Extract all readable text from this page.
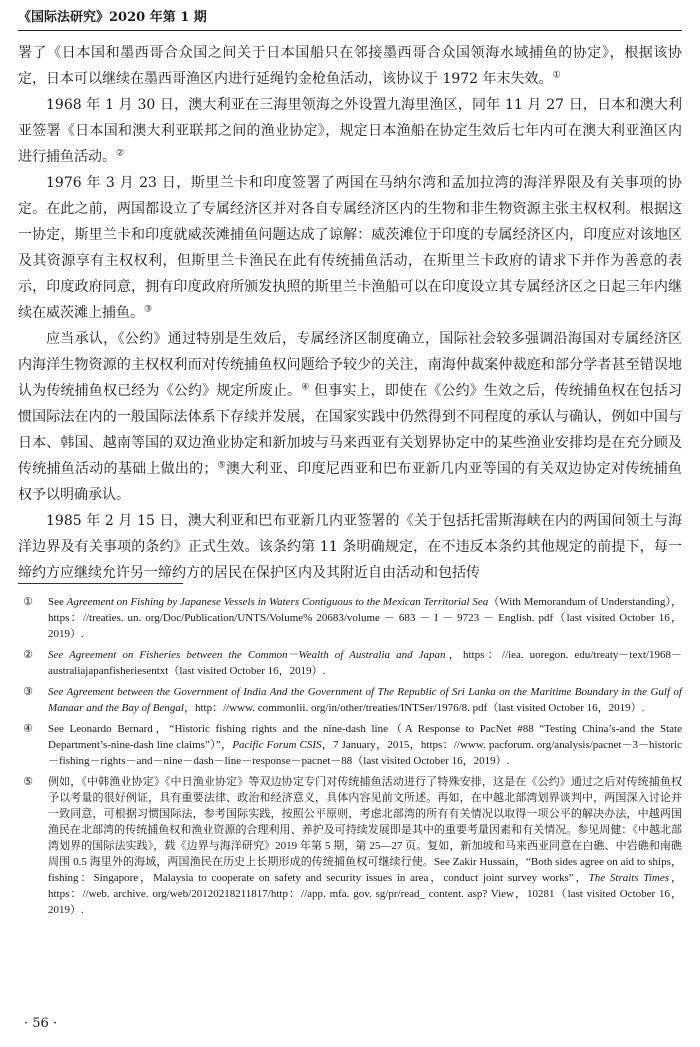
《国际法研究》2020 年第 1 期

署了《日本国和墨西哥合众国之间关于日本国船只在邻接墨西哥合众国领海水域捕鱼的协定》，根据该协定，日本可以继续在墨西哥渔区内进行延绳钓金枪鱼活动，该协议于 1972 年末失效。①

1968 年 1 月 30 日，澳大利亚在三海里领海之外设置九海里渔区，同年 11 月 27 日，日本和澳大利亚签署《日本国和澳大利亚联邦之间的渔业协定》，规定日本渔船在协定生效后七年内可在澳大利亚渔区内进行捕鱼活动。②

1976 年 3 月 23 日，斯里兰卡和印度签署了两国在马纳尔湾和孟加拉湾的海洋界限及有关事项的协定。在此之前，两国都设立了专属经济区并对各自专属经济区内的生物和非生物资源主张主权权利。根据这一协定，斯里兰卡和印度就威茨滩捕鱼问题达成了谅解：威茨滩位于印度的专属经济区内，印度应对该地区及其资源享有主权权利，但斯里兰卡渔民在此有传统捕鱼活动，在斯里兰卡政府的请求下并作为善意的表示，印度政府同意，拥有印度政府所颁发执照的斯里兰卡渔船可以在印度设立其专属经济区之日起三年内继续在威茨滩上捕鱼。③

应当承认，《公约》通过特别是生效后，专属经济区制度确立，国际社会较多强调沿海国对专属经济区内海洋生物资源的主权权利而对传统捕鱼权问题给予较少的关注，南海仲裁案仲裁庭和部分学者甚至错误地认为传统捕鱼权已经为《公约》规定所废止。④ 但事实上，即使在《公约》生效之后，传统捕鱼权在包括习惯国际法在内的一般国际法体系下存续并发展，在国家实践中仍然得到不同程度的承认与确认，例如中国与日本、韩国、越南等国的双边渔业协定和新加坡与马来西亚有关划界协定中的某些渔业安排均是在充分顾及传统捕鱼活动的基础上做出的；⑤澳大利亚、印度尼西亚和巴布亚新几内亚等国的有关双边协定对传统捕鱼权予以明确承认。

1985 年 2 月 15 日，澳大利亚和巴布亚新几内亚签署的《关于包括托雷斯海峡在内的两国间领土与海洋边界及有关事项的条约》正式生效。该条约第 11 条明确规定，在不违反本条约其他规定的前提下，每一缔约方应继续允许另一缔约方的居民在保护区内及其附近自由活动和包括传

①	See Agreement on Fishing by Japanese Vessels in Waters Contiguous to the Mexican Territorial Sea（With Memorandum of Understanding），https：//treaties. un. org/Doc/Publication/UNTS/Volume% 20683/volume － 683 － I － 9723 － English. pdf（last visited October 16，2019）.
②	See Agreement on Fisheries between the Common－Wealth of Australia and Japan，https：//iea. uoregon. edu/treaty－text/1968－australiajapanfisheriesentxt（last visited October 16，2019）.
③	See Agreement between the Government of India And the Government of The Republic of Sri Lanka on the Maritime Boundary in the Gulf of Manaar and the Bay of Bengal，http：//www. commonlii. org/in/other/treaties/INTSer/1976/8. pdf（last visited October 16，2019）.
④	See Leonardo Bernard，“Historic fishing rights and the nine-dash line（A Response to PacNet #88 “Testing China’s-and the State Department’s-nine-dash line claims”）”，Pacific Forum CSIS，7 January，2015，https：//www. pacforum. org/analysis/pacnet－3－historic－fishing－rights－and－nine－dash－line－response－pacnet－88（last visited October 16，2019）.
⑤	例如，《中韩渔业协定》《中日渔业协定》等双边协定专门对传统捕鱼活动进行了特殊安排，这是在《公约》通过之后对传统捕鱼权予以考量的很好例证，具有重要法律、政治和经济意义，具体内容见前文所述。再如，在中越北部湾划界谈判中，两国深入讨论并一致同意，可根据习惯国际法，参考国际实践，按照公平原则，考虑北部湾的所有有关情况以取得一项公平的解决办法，中越两国渔民在北部湾的传统捕鱼权和渔业资源的合理利用、养护及可持续发展即是其中的重要考量因素和有关情况。参见周健：《中越北部湾划界的国际法实践》，载《边界与海洋研究》2019 年第 5 期，第 25—27 页。复如，新加坡和马来西亚同意在白礁、中岩礁和南礁周围 0.5 海里外的海域，两国渔民在历史上长期形成的传统捕鱼权可继续行使。See Zakir Hussain，“Both sides agree on aid to ships，fishing：Singapore，Malaysia to cooperate on safety and security issues in area，conduct joint survey works”，The Straits Times，https：//web. archive. org/web/20120218211817/http：//app. mfa. gov. sg/pr/read_ content. asp? View，10281（last visited October 16，2019）.
· 56 ·
